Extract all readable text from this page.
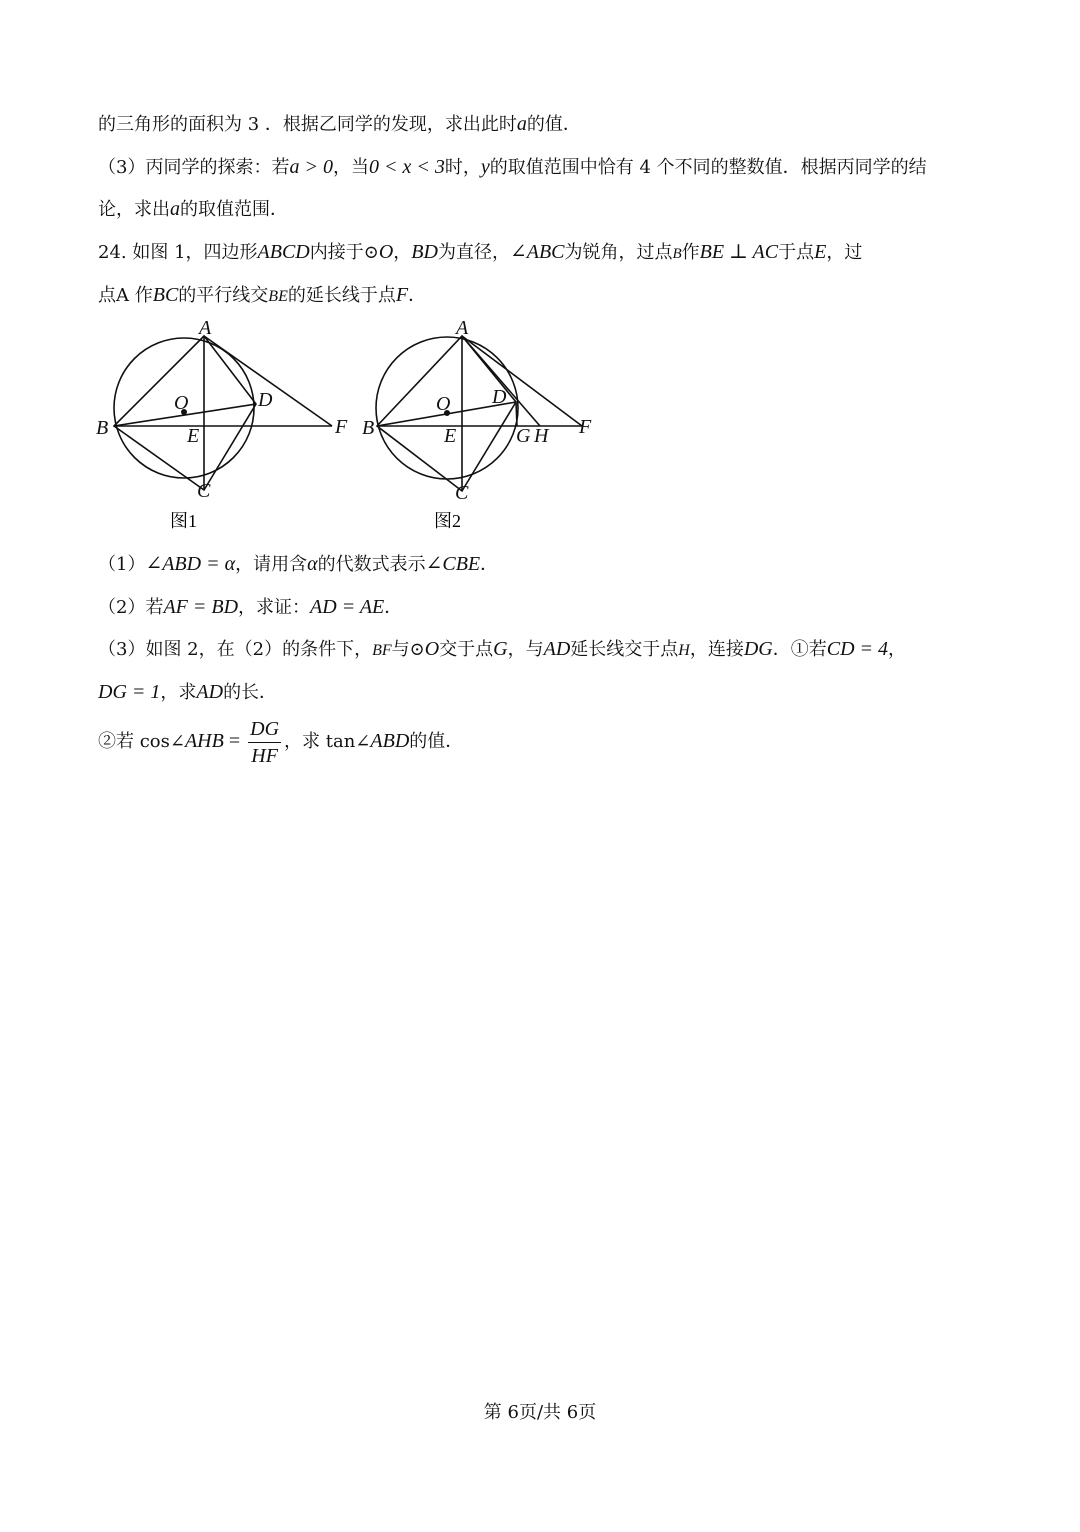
的三角形的面积为 3 ．根据乙同学的发现，求出此时a的值．
（3）丙同学的探索：若a > 0，当0 < x < 3时，y的取值范围中恰有 4 个不同的整数值．根据丙同学的结
论，求出a的取值范围．
24. 如图 1，四边形ABCD内接于⊙O，BD为直径，∠ABC为锐角，过点B作BE ⊥ AC于点E，过
点A 作BC的平行线交BE的延长线于点F．
A
B
C
D
E	F
O
图1
A
B
C
D
E	F
O
G H
图2
（1）∠ABD = α，请用含α的代数式表示∠CBE．
（2）若AF = BD，求证：AD = AE．
（3）如图 2，在（2）的条件下，BF与⊙O交于点G，与AD延长线交于点H，连接DG．①若CD = 4，
DG = 1，求AD的长．
②若 cos∠AHB = $\frac{DG}{HF}$ ，求 tan∠ABD的值．
第 6页/共 6页
